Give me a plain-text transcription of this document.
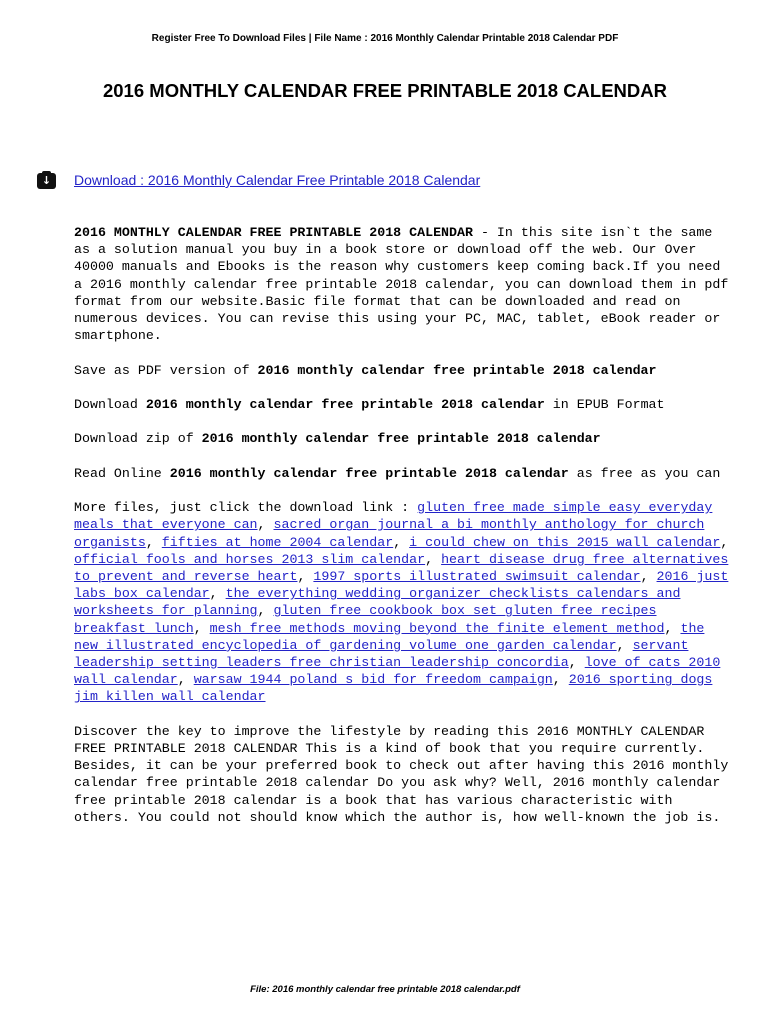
Register Free To Download Files | File Name : 2016 Monthly Calendar Printable 2018 Calendar PDF
2016 MONTHLY CALENDAR FREE PRINTABLE 2018 CALENDAR
↓
Download : 2016 Monthly Calendar Free Printable 2018 Calendar

2016 MONTHLY CALENDAR FREE PRINTABLE 2018 CALENDAR - In this site isn`t the same as a solution manual you buy in a book store or download off the web. Our Over 40000 manuals and Ebooks is the reason why customers keep coming back.If you need a 2016 monthly calendar free printable 2018 calendar, you can download them in pdf format from our website.Basic file format that can be downloaded and read on numerous devices. You can revise this using your PC, MAC, tablet, eBook reader or smartphone.

Save as PDF version of 2016 monthly calendar free printable 2018 calendar

Download 2016 monthly calendar free printable 2018 calendar in EPUB Format

Download zip of 2016 monthly calendar free printable 2018 calendar

Read Online 2016 monthly calendar free printable 2018 calendar as free as you can

More files, just click the download link : gluten free made simple easy everyday meals that everyone can, sacred organ journal a bi monthly anthology for church organists, fifties at home 2004 calendar, i could chew on this 2015 wall calendar, official fools and horses 2013 slim calendar, heart disease drug free alternatives to prevent and reverse heart, 1997 sports illustrated swimsuit calendar, 2016 just labs box calendar, the everything wedding organizer checklists calendars and worksheets for planning, gluten free cookbook box set gluten free recipes breakfast lunch, mesh free methods moving beyond the finite element method, the new illustrated encyclopedia of gardening volume one garden calendar, servant leadership setting leaders free christian leadership concordia, love of cats 2010 wall calendar, warsaw 1944 poland s bid for freedom campaign, 2016 sporting dogs jim killen wall calendar

Discover the key to improve the lifestyle by reading this 2016 MONTHLY CALENDAR FREE PRINTABLE 2018 CALENDAR This is a kind of book that you require currently. Besides, it can be your preferred book to check out after having this 2016 monthly calendar free printable 2018 calendar Do you ask why? Well, 2016 monthly calendar free printable 2018 calendar is a book that has various characteristic with others. You could not should know which the author is, how well-known the job is.

File: 2016 monthly calendar free printable 2018 calendar.pdf
